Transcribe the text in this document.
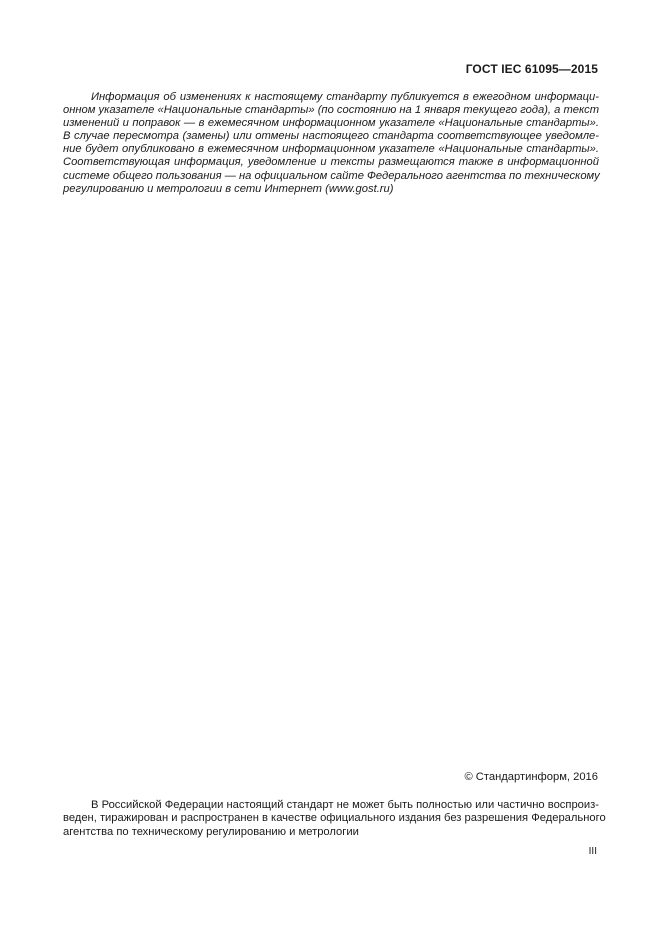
ГОСТ IEC 61095—2015
Информация об изменениях к настоящему стандарту публикуется в ежегодном информаци-
онном указателе «Национальные стандарты» (по состоянию на 1 января текущего года), а текст
изменений и поправок — в ежемесячном информационном указателе «Национальные стандарты».
В случае пересмотра (замены) или отмены настоящего стандарта соответствующее уведомле-
ние будет опубликовано в ежемесячном информационном указателе «Национальные стандарты».
Соответствующая информация, уведомление и тексты размещаются также в информационной
системе общего пользования — на официальном сайте Федерального агентства по техническому
регулированию и метрологии в сети Интернет (www.gost.ru)
© Стандартинформ, 2016
В Российской Федерации настоящий стандарт не может быть полностью или частично воспроиз-
веден, тиражирован и распространен в качестве официального издания без разрешения Федерального
агентства по техническому регулированию и метрологии
III
